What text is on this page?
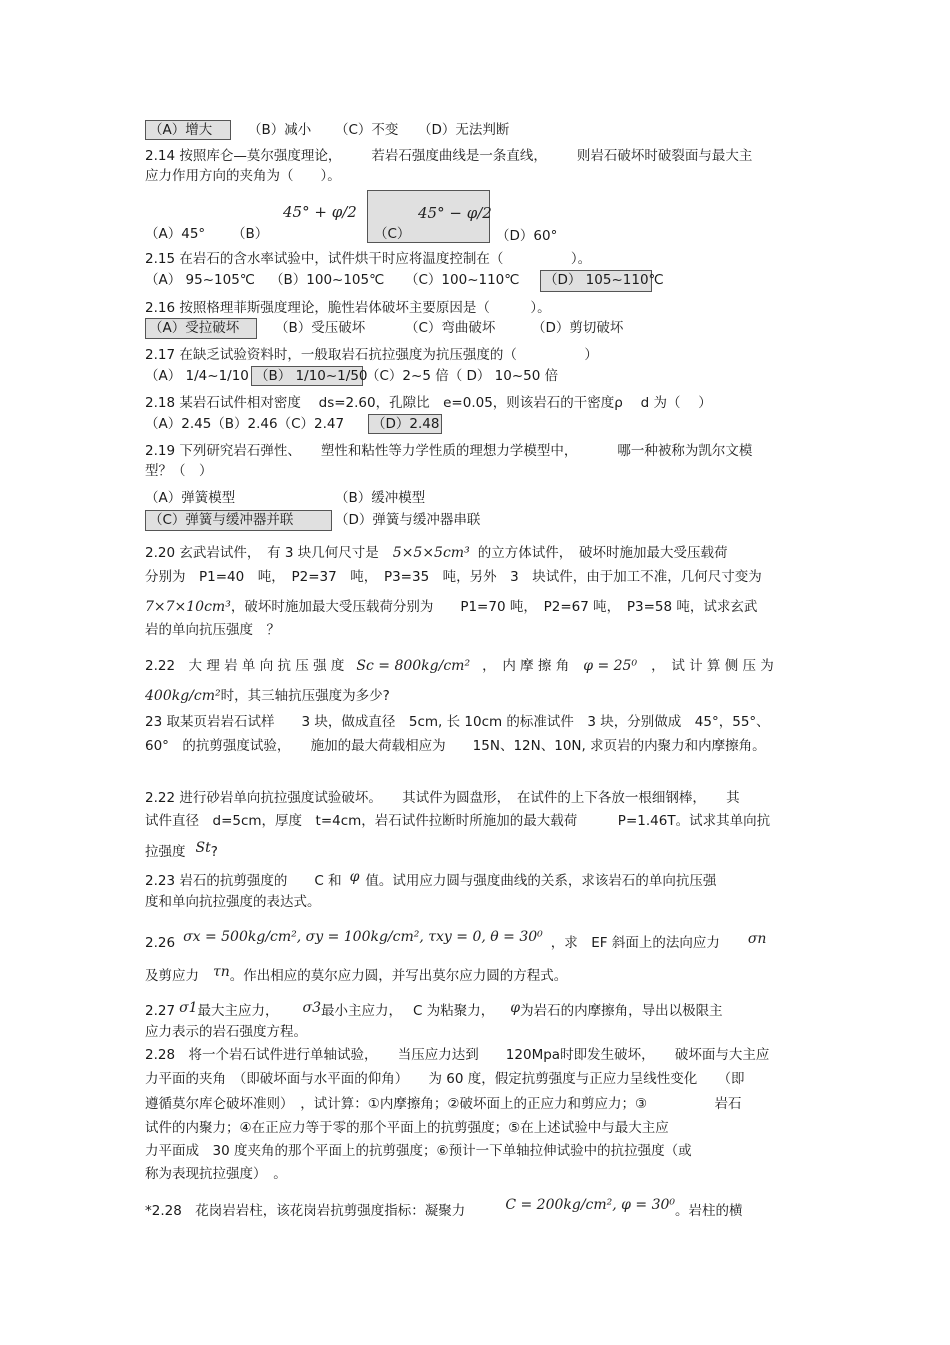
（A）增大	（B）减小 （C）不变 （D）无法判断
2.14 按照库仑—莫尔强度理论， 若岩石强度曲线是一条直线， 则岩石破坏时破裂面与最大主
应力作用方向的夹角为（　　）。
（A）45° （B）
45° + φ/2
（C）
45° − φ/2
（D）60°
2.15 在岩石的含水率试验中，试件烘干时应将温度控制在（　　　　　）。
（A） 95~105℃ （B）100~105℃ （C）100~110℃ （D） 105~110℃
2.16 按照格理菲斯强度理论，脆性岩体破坏主要原因是（　　　）。
（A）受拉破坏	（B）受压破坏	（C）弯曲破坏	（D）剪切破坏
2.17 在缺乏试验资料时，一般取岩石抗拉强度为抗压强度的（　　　　　）
（A） 1/4~1/10 （B） 1/10~1/50
（C）2~5 倍（ D） 10~50 倍
2.18 某岩石试件相对密度　 ds=2.60，孔隙比　e=0.05，则该岩石的干密度ρ　 d 为（　 ）
（A）2.45（B）2.46（C）2.47 （D）2.48
2.19 下列研究岩石弹性、 塑性和粘性等力学性质的理想力学模型中，	哪一种被称为凯尔文模
型？（　）
（A）弹簧模型	（B）缓冲模型
（C）弹簧与缓冲器并联	（D）弹簧与缓冲器串联
2.20 玄武岩试件，　有 3 块几何尺寸是 5×5×5cm³ 的立方体试件，　破坏时施加最大受压载荷
分别为　P1=40　吨，　P2=37　吨，　P3=35　吨，另外　3　块试件，由于加工不准，几何尺寸变为
7×7×10cm³，破坏时施加最大受压载荷分别为　　P1=70 吨，　P2=67 吨，　P3=58 吨，试求玄武
岩的单向抗压强度　？
2.22　大 理 岩 单 向 抗 压 强 度 Sc = 800kg/cm² ，　内 摩 擦 角 φ = 25⁰ ，　试 计 算 侧 压 为
400kg/cm²时，其三轴抗压强度为多少?
23 取某页岩岩石试样　　3 块，做成直径　5cm, 长 10cm 的标准试件　3 块，分别做成　45°，55°、
60°　的抗剪强度试验，　　施加的最大荷载相应为　　15N、12N、10N, 求页岩的内聚力和内摩擦角。
2.22 进行砂岩单向抗拉强度试验破坏。　　其试件为圆盘形，　在试件的上下各放一根细钢棒，　　其
试件直径　d=5cm，厚度　t=4cm，岩石试件拉断时所施加的最大载荷　　　P=1.46T。试求其单向抗
拉强度 St?
2.23 岩石的抗剪强度的　　C 和 φ 值。试用应力圆与强度曲线的关系，求该岩石的单向抗压强
度和单向抗拉强度的表达式。
2.26 σx = 500kg/cm², σy = 100kg/cm², τxy = 0, θ = 30⁰ ，求　EF 斜面上的法向应力 σn
及剪应力 τn。作出相应的莫尔应力圆，并写出莫尔应力圆的方程式。
2.27 σ1最大主应力， σ3最小主应力，　 C 为粘聚力， φ为岩石的内摩擦角，导出以极限主
应力表示的岩石强度方程。
2.28　将一个岩石试件进行单轴试验，　　当压应力达到　　120Mpa时即发生破坏，　　破坏面与大主应
力平面的夹角　（即破坏面与水平面的仰角）　　为 60 度，假定抗剪强度与正应力呈线性变化　　（即
遵循莫尔库仑破坏准则）　，试计算：①内摩擦角；②破坏面上的正应力和剪应力；③　　　　　岩石
试件的内聚力；④在正应力等于零的那个平面上的抗剪强度；⑤在上述试验中与最大主应
力平面成　30 度夹角的那个平面上的抗剪强度；⑥预计一下单轴拉伸试验中的抗拉强度（或
称为表现抗拉强度）　。
*2.28　花岗岩岩柱，该花岗岩抗剪强度指标：凝聚力	C = 200kg/cm², φ = 30⁰。岩柱的横
